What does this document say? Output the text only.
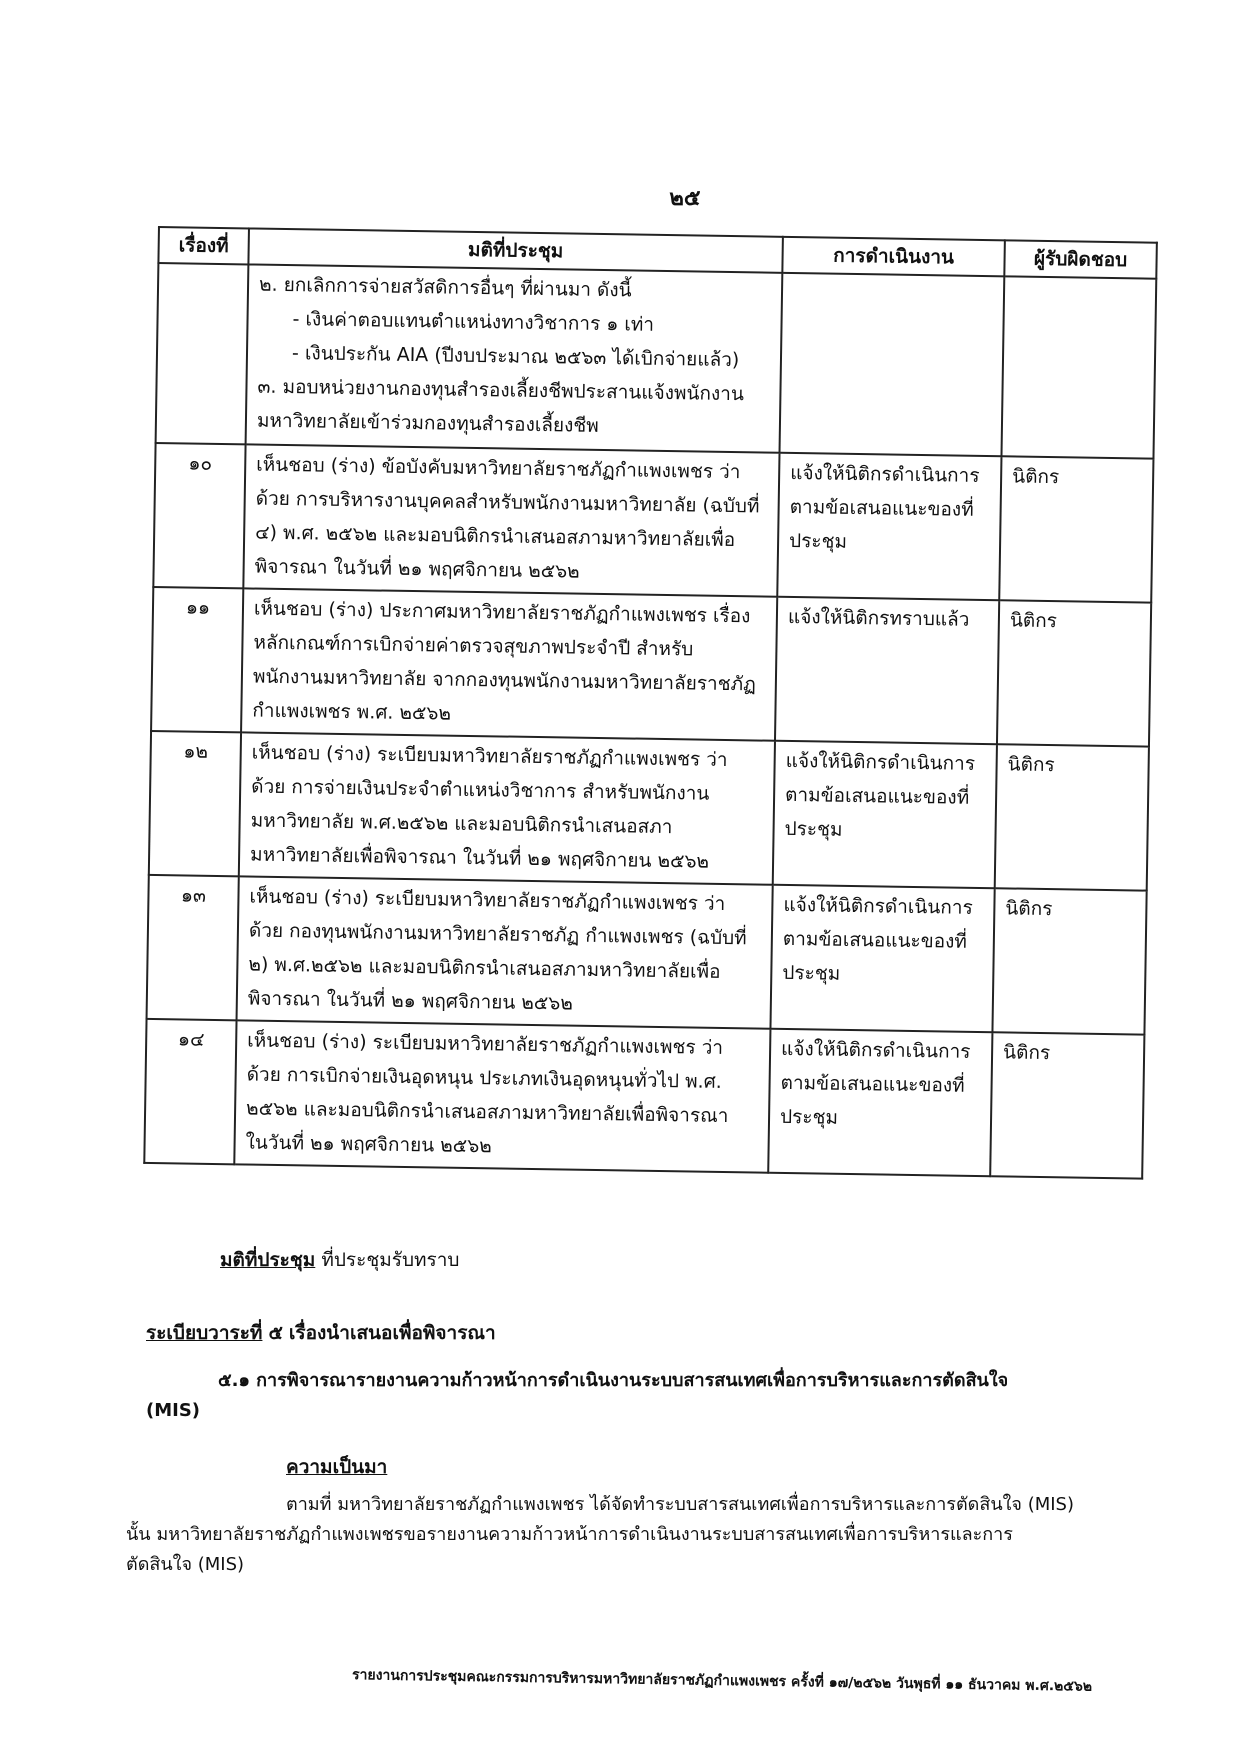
๒๕
เรื่องที่	มติที่ประชุม	การดำเนินงาน	ผู้รับผิดชอบ

	๒. ยกเลิกการจ่ายสวัสดิการอื่นๆ ที่ผ่านมา ดังนี้
- เงินค่าตอบแทนตำแหน่งทางวิชาการ ๑ เท่า
- เงินประกัน AIA (ปีงบประมาณ ๒๕๖๓ ได้เบิกจ่ายแล้ว)
๓. มอบหน่วยงานกองทุนสำรองเลี้ยงชีพประสานแจ้งพนักงาน
มหาวิทยาลัยเข้าร่วมกองทุนสำรองเลี้ยงชีพ		

๑๐	เห็นชอบ (ร่าง) ข้อบังคับมหาวิทยาลัยราชภัฏกำแพงเพชร ว่า
ด้วย การบริหารงานบุคคลสำหรับพนักงานมหาวิทยาลัย (ฉบับที่
๔) พ.ศ. ๒๕๖๒ และมอบนิติกรนำเสนอสภามหาวิทยาลัยเพื่อ
พิจารณา ในวันที่ ๒๑ พฤศจิกายน ๒๕๖๒	แจ้งให้นิติกรดำเนินการ
ตามข้อเสนอแนะของที่
ประชุม	นิติกร
๑๑	เห็นชอบ (ร่าง) ประกาศมหาวิทยาลัยราชภัฏกำแพงเพชร เรื่อง
หลักเกณฑ์การเบิกจ่ายค่าตรวจสุขภาพประจำปี สำหรับ
พนักงานมหาวิทยาลัย จากกองทุนพนักงานมหาวิทยาลัยราชภัฏ
กำแพงเพชร พ.ศ. ๒๕๖๒	แจ้งให้นิติกรทราบแล้ว	นิติกร
๑๒	เห็นชอบ (ร่าง) ระเบียบมหาวิทยาลัยราชภัฏกำแพงเพชร ว่า
ด้วย การจ่ายเงินประจำตำแหน่งวิชาการ สำหรับพนักงาน
มหาวิทยาลัย พ.ศ.๒๕๖๒ และมอบนิติกรนำเสนอสภา
มหาวิทยาลัยเพื่อพิจารณา ในวันที่ ๒๑ พฤศจิกายน ๒๕๖๒	แจ้งให้นิติกรดำเนินการ
ตามข้อเสนอแนะของที่
ประชุม	นิติกร
๑๓	เห็นชอบ (ร่าง) ระเบียบมหาวิทยาลัยราชภัฏกำแพงเพชร ว่า
ด้วย กองทุนพนักงานมหาวิทยาลัยราชภัฏ กำแพงเพชร (ฉบับที่
๒) พ.ศ.๒๕๖๒ และมอบนิติกรนำเสนอสภามหาวิทยาลัยเพื่อ
พิจารณา ในวันที่ ๒๑ พฤศจิกายน ๒๕๖๒	แจ้งให้นิติกรดำเนินการ
ตามข้อเสนอแนะของที่
ประชุม	นิติกร
๑๔	เห็นชอบ (ร่าง) ระเบียบมหาวิทยาลัยราชภัฏกำแพงเพชร ว่า
ด้วย การเบิกจ่ายเงินอุดหนุน ประเภทเงินอุดหนุนทั่วไป พ.ศ.
๒๕๖๒ และมอบนิติกรนำเสนอสภามหาวิทยาลัยเพื่อพิจารณา
ในวันที่ ๒๑ พฤศจิกายน ๒๕๖๒	แจ้งให้นิติกรดำเนินการ
ตามข้อเสนอแนะของที่
ประชุม	นิติกร
มติที่ประชุม ที่ประชุมรับทราบ
ระเบียบวาระที่ ๕ เรื่องนำเสนอเพื่อพิจารณา
๕.๑ การพิจารณารายงานความก้าวหน้าการดำเนินงานระบบสารสนเทศเพื่อการบริหารและการตัดสินใจ
(MIS)
ความเป็นมา
ตามที่ มหาวิทยาลัยราชภัฏกำแพงเพชร ได้จัดทำระบบสารสนเทศเพื่อการบริหารและการตัดสินใจ (MIS)
นั้น มหาวิทยาลัยราชภัฏกำแพงเพชรขอรายงานความก้าวหน้าการดำเนินงานระบบสารสนเทศเพื่อการบริหารและการ
ตัดสินใจ (MIS)
รายงานการประชุมคณะกรรมการบริหารมหาวิทยาลัยราชภัฏกำแพงเพชร ครั้งที่ ๑๗/๒๕๖๒ วันพุธที่ ๑๑ ธันวาคม พ.ศ.๒๕๖๒
